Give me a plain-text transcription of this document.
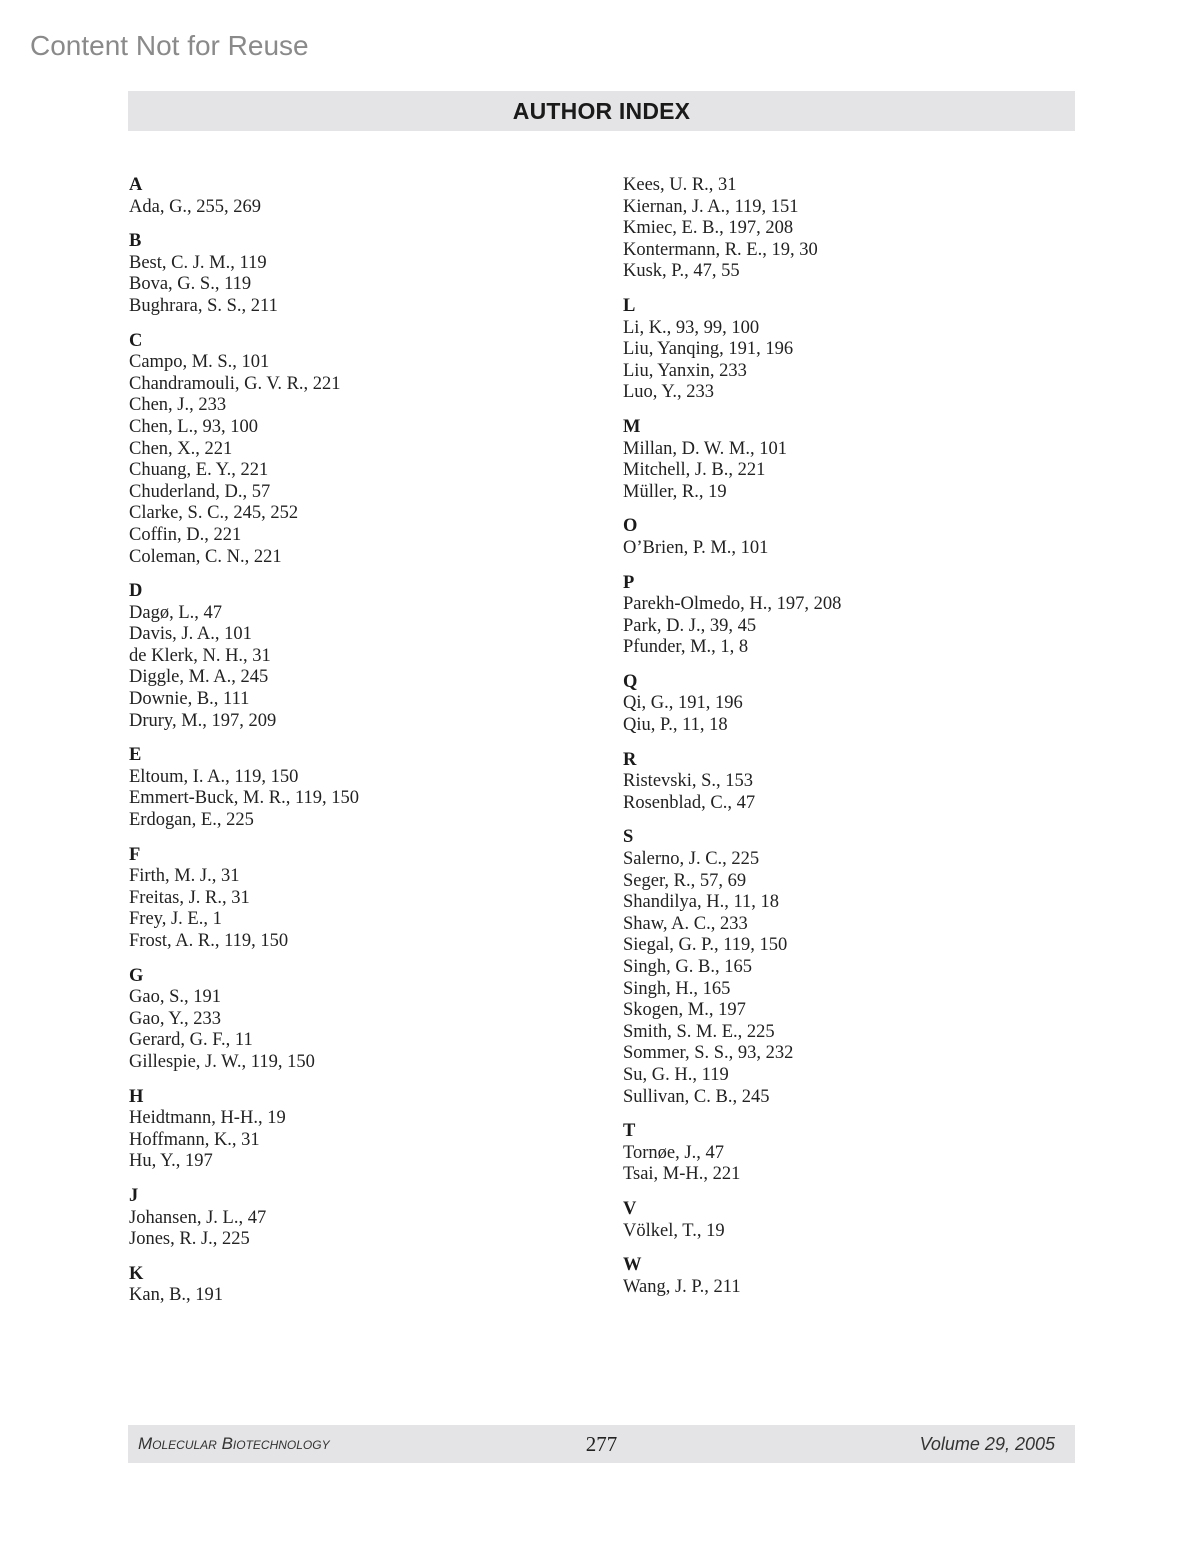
Content Not for Reuse
AUTHOR INDEX
A
Ada, G., 255, 269
B
Best, C. J. M., 119
Bova, G. S., 119
Bughrara, S. S., 211
C
Campo, M. S., 101
Chandramouli, G. V. R., 221
Chen, J., 233
Chen, L., 93, 100
Chen, X., 221
Chuang, E. Y., 221
Chuderland, D., 57
Clarke, S. C., 245, 252
Coffin, D., 221
Coleman, C. N., 221
D
Dagø, L., 47
Davis, J. A., 101
de Klerk, N. H., 31
Diggle, M. A., 245
Downie, B., 111
Drury, M., 197, 209
E
Eltoum, I. A., 119, 150
Emmert-Buck, M. R., 119, 150
Erdogan, E., 225
F
Firth, M. J., 31
Freitas, J. R., 31
Frey, J. E., 1
Frost, A. R., 119, 150
G
Gao, S., 191
Gao, Y., 233
Gerard, G. F., 11
Gillespie, J. W., 119, 150
H
Heidtmann, H-H., 19
Hoffmann, K., 31
Hu, Y., 197
J
Johansen, J. L., 47
Jones, R. J., 225
K
Kan, B., 191
Kees, U. R., 31
Kiernan, J. A., 119, 151
Kmiec, E. B., 197, 208
Kontermann, R. E., 19, 30
Kusk, P., 47, 55
L
Li, K., 93, 99, 100
Liu, Yanqing, 191, 196
Liu, Yanxin, 233
Luo, Y., 233
M
Millan, D. W. M., 101
Mitchell, J. B., 221
Müller, R., 19
O
O’Brien, P. M., 101
P
Parekh-Olmedo, H., 197, 208
Park, D. J., 39, 45
Pfunder, M., 1, 8
Q
Qi, G., 191, 196
Qiu, P., 11, 18
R
Ristevski, S., 153
Rosenblad, C., 47
S
Salerno, J. C., 225
Seger, R., 57, 69
Shandilya, H., 11, 18
Shaw, A. C., 233
Siegal, G. P., 119, 150
Singh, G. B., 165
Singh, H., 165
Skogen, M., 197
Smith, S. M. E., 225
Sommer, S. S., 93, 232
Su, G. H., 119
Sullivan, C. B., 245
T
Tornøe, J., 47
Tsai, M-H., 221
V
Völkel, T., 19
W
Wang, J. P., 211
Molecular Biotechnology	277	Volume 29, 2005
